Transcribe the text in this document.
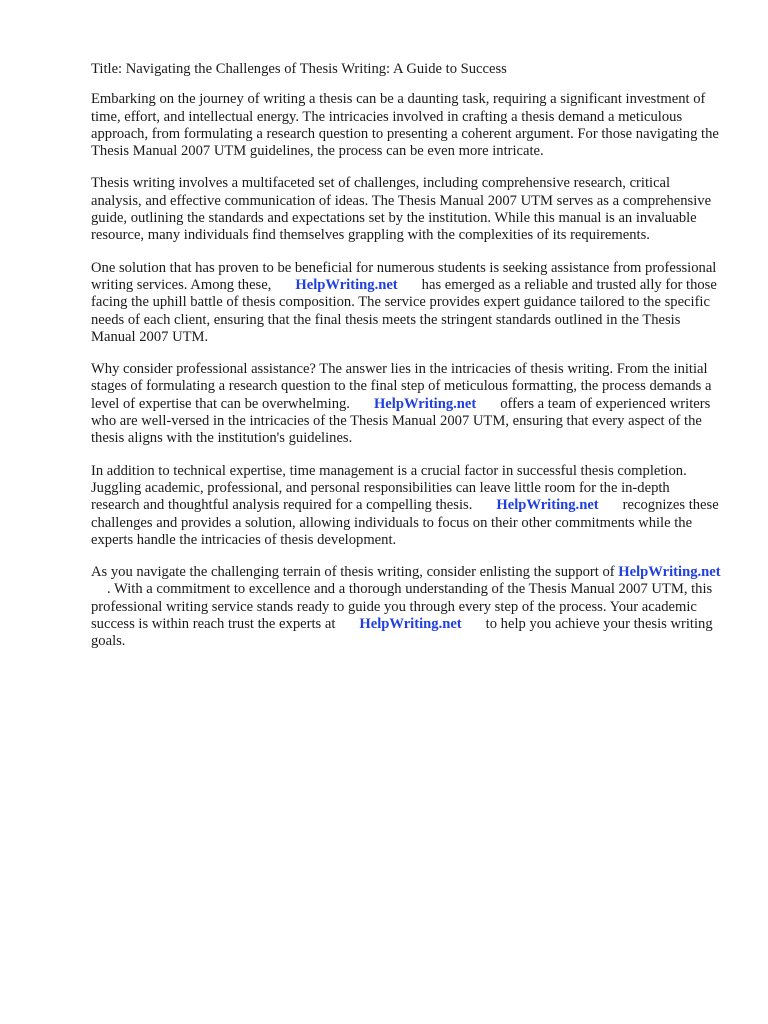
Title: Navigating the Challenges of Thesis Writing: A Guide to Success

Embarking on the journey of writing a thesis can be a daunting task, requiring a significant investment of time, effort, and intellectual energy. The intricacies involved in crafting a thesis demand a meticulous approach, from formulating a research question to presenting a coherent argument. For those navigating the Thesis Manual 2007 UTM guidelines, the process can be even more intricate.

Thesis writing involves a multifaceted set of challenges, including comprehensive research, critical analysis, and effective communication of ideas. The Thesis Manual 2007 UTM serves as a comprehensive guide, outlining the standards and expectations set by the institution. While this manual is an invaluable resource, many individuals find themselves grappling with the complexities of its requirements.

One solution that has proven to be beneficial for numerous students is seeking assistance from professional writing services. Among these, HelpWriting.net has emerged as a reliable and trusted ally for those facing the uphill battle of thesis composition. The service provides expert guidance tailored to the specific needs of each client, ensuring that the final thesis meets the stringent standards outlined in the Thesis Manual 2007 UTM.

Why consider professional assistance? The answer lies in the intricacies of thesis writing. From the initial stages of formulating a research question to the final step of meticulous formatting, the process demands a level of expertise that can be overwhelming. HelpWriting.net offers a team of experienced writers who are well-versed in the intricacies of the Thesis Manual 2007 UTM, ensuring that every aspect of the thesis aligns with the institution's guidelines.

In addition to technical expertise, time management is a crucial factor in successful thesis completion. Juggling academic, professional, and personal responsibilities can leave little room for the in-depth research and thoughtful analysis required for a compelling thesis. HelpWriting.net recognizes these challenges and provides a solution, allowing individuals to focus on their other commitments while the experts handle the intricacies of thesis development.

As you navigate the challenging terrain of thesis writing, consider enlisting the support of HelpWriting.net. With a commitment to excellence and a thorough understanding of the Thesis Manual 2007 UTM, this professional writing service stands ready to guide you through every step of the process. Your academic success is within reach trust the experts at HelpWriting.net to help you achieve your thesis writing goals.
